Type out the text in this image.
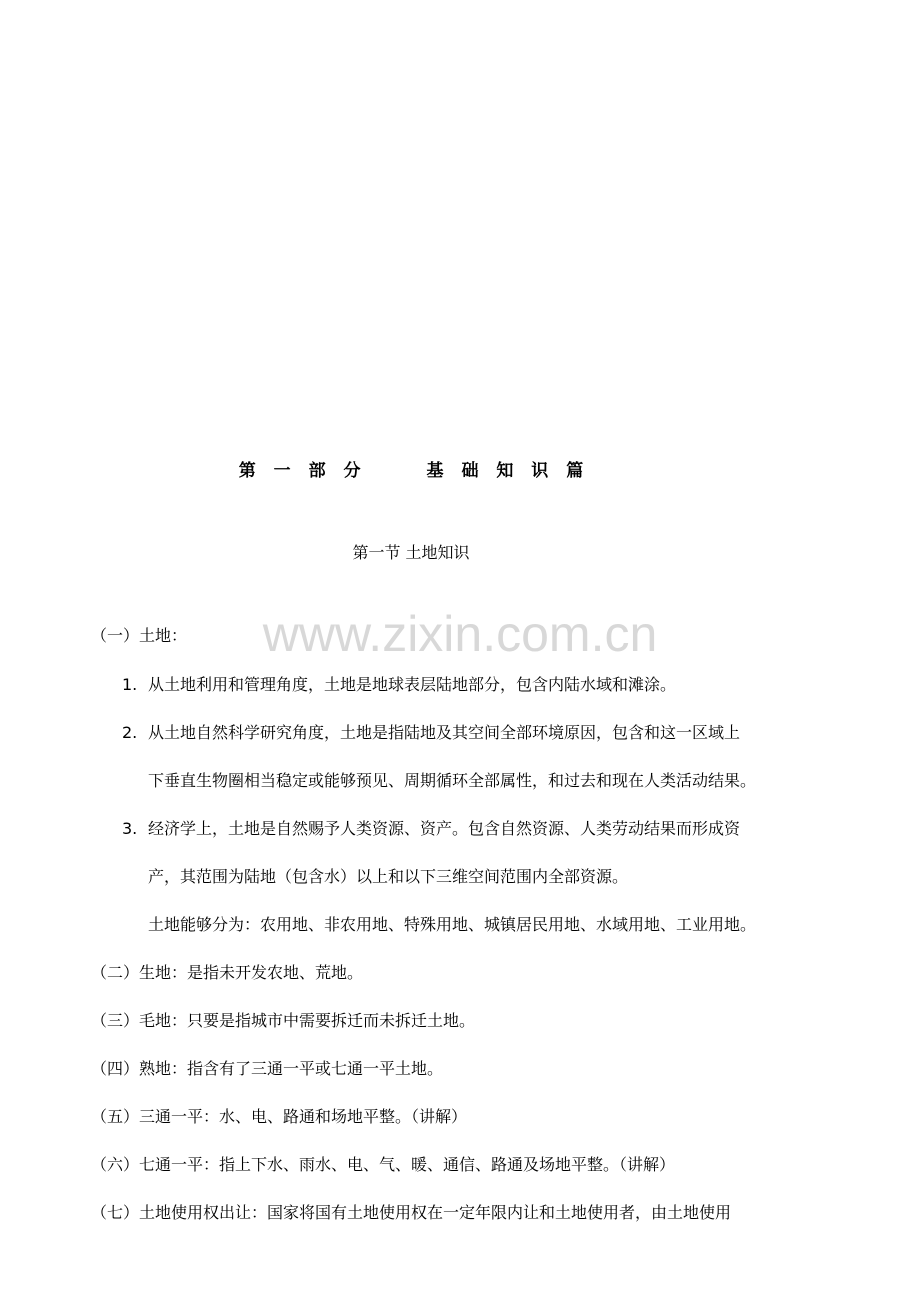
第 一 部 分	基 础 知 识 篇
第一节 土地知识
www.zixin.com.cn
（一）土地：
1. 从土地利用和管理角度，土地是地球表层陆地部分，包含内陆水域和滩涂。
2. 从土地自然科学研究角度，土地是指陆地及其空间全部环境原因，包含和这一区域上
下垂直生物圈相当稳定或能够预见、周期循环全部属性，和过去和现在人类活动结果。
3. 经济学上，土地是自然赐予人类资源、资产。包含自然资源、人类劳动结果而形成资
产，其范围为陆地（包含水）以上和以下三维空间范围内全部资源。
土地能够分为：农用地、非农用地、特殊用地、城镇居民用地、水域用地、工业用地。
（二）生地：是指未开发农地、荒地。
（三）毛地：只要是指城市中需要拆迁而未拆迁土地。
（四）熟地：指含有了三通一平或七通一平土地。
（五）三通一平：水、电、路通和场地平整。（讲解）
（六）七通一平：指上下水、雨水、电、气、暖、通信、路通及场地平整。（讲解）
（七）土地使用权出让：国家将国有土地使用权在一定年限内让和土地使用者，由土地使用
